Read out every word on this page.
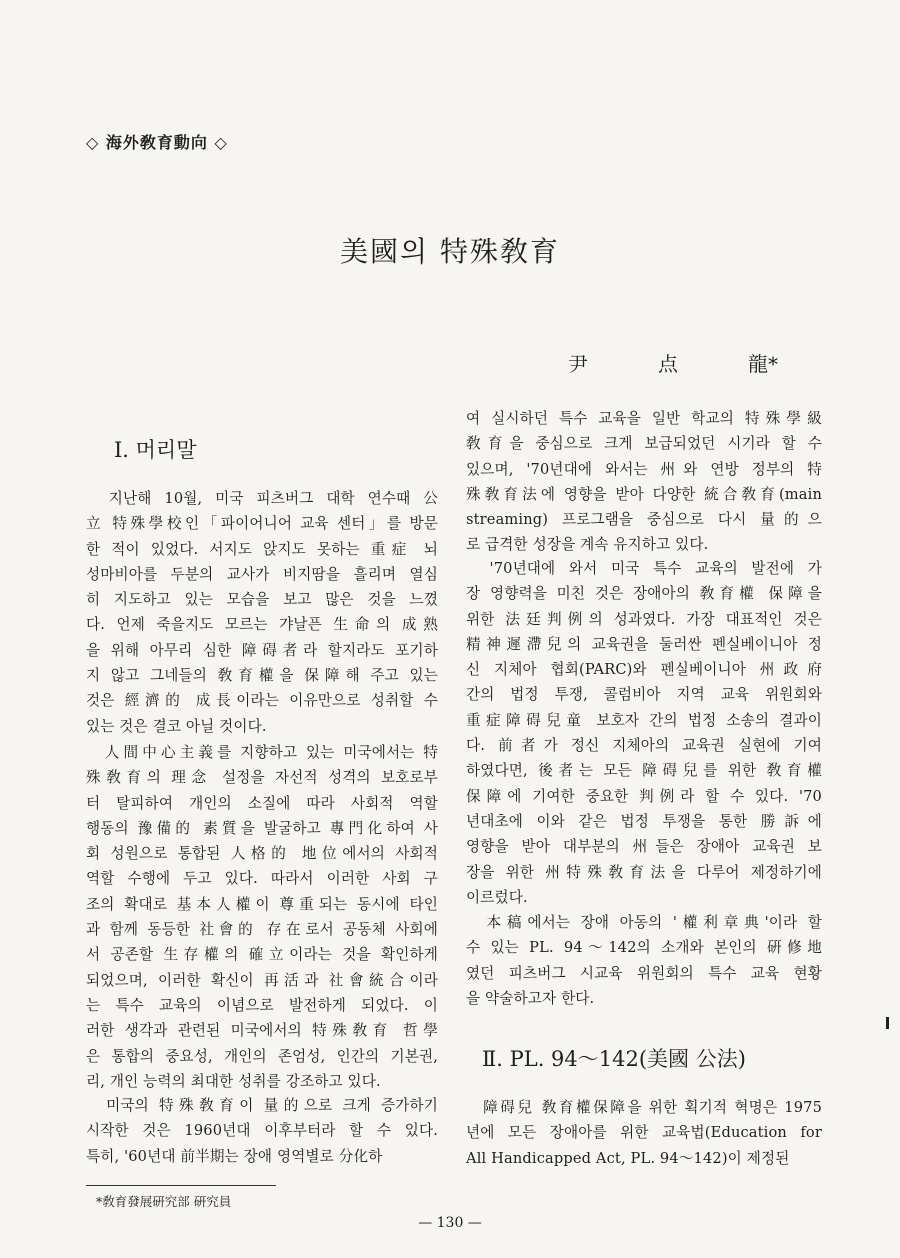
◇ 海外敎育動向 ◇
美國의 特殊敎育
尹	点	龍*
Ⅰ. 머리말
　지난해 10월, 미국 피츠버그 대학 연수때 公
立 特殊學校인「파이어니어 교육 센터」를 방문
한 적이 있었다. 서지도 앉지도 못하는 重症 뇌
성마비아를 두분의 교사가 비지땀을 흘리며 열심
히 지도하고 있는 모습을 보고 많은 것을 느꼈
다. 언제 죽을지도 모르는 갸날픈 生命의 成熟
을 위해 아무리 심한 障碍者라 할지라도 포기하
지 않고 그네들의 敎育權을 保障해 주고 있는
것은 經濟的 成長이라는 이유만으로 성취할 수
있는 것은 결코 아닐 것이다.
　人間中心主義를 지향하고 있는 미국에서는 特
殊敎育의 理念 설정을 자선적 성격의 보호로부
터 탈피하여 개인의 소질에 따라 사회적 역할
행동의 豫備的 素質을 발굴하고 專門化하여 사
회 성원으로 통합된 人格的 地位에서의 사회적
역할 수행에 두고 있다. 따라서 이러한 사회 구
조의 확대로 基本人權이 尊重되는 동시에 타인
과 함께 동등한 社會的 存在로서 공동체 사회에
서 공존할 生存權의 確立이라는 것을 확인하게
되었으며, 이러한 확신이 再活과 社會統合이라
는 특수 교육의 이념으로 발전하게 되었다. 이
러한 생각과 관련된 미국에서의 特殊敎育 哲學
은 통합의 중요성, 개인의 존엄성, 인간의 기본권,
리, 개인 능력의 최대한 성취를 강조하고 있다.
　미국의 特殊敎育이 量的으로 크게 증가하기
시작한 것은 1960년대 이후부터라 할 수 있다.
특히, '60년대 前半期는 장애 영역별로 分化하
여 실시하던 특수 교육을 일반 학교의 特殊學級
敎育을 중심으로 크게 보급되었던 시기라 할 수
있으며, '70년대에 와서는 州와 연방 정부의 特
殊敎育法에 영향을 받아 다양한 統合敎育(main
streaming) 프로그램을 중심으로 다시 量的으
로 급격한 성장을 계속 유지하고 있다.
　'70년대에 와서 미국 특수 교육의 발전에 가
장 영향력을 미친 것은 장애아의 敎育權 保障을
위한 法廷判例의 성과였다. 가장 대표적인 것은
精神遲滯兒의 교육권을 둘러싼 펜실베이니아 정
신 지체아 협회(PARC)와 펜실베이니아 州政府
간의 법정 투쟁, 콜럼비아 지역 교육 위원회와
重症障碍兒童 보호자 간의 법정 소송의 결과이
다. 前者가 정신 지체아의 교육권 실현에 기여
하였다면, 後者는 모든 障碍兒를 위한 敎育權
保障에 기여한 중요한 判例라 할 수 있다. '70
년대초에 이와 같은 법정 투쟁을 통한 勝訴에
영향을 받아 대부분의 州들은 장애아 교육권 보
장을 위한 州特殊敎育法을 다루어 제정하기에
이르렀다.
　本稿에서는 장애 아동의 '權利章典'이라 할
수 있는 PL. 94～142의 소개와 본인의 硏修地
였던 피츠버그 시교육 위원회의 특수 교육 현황
을 약술하고자 한다.
　障碍兒 敎育權保障을 위한 획기적 혁명은 1975
년에 모든 장애아를 위한 교육법(Education for
All Handicapped Act, PL. 94～142)이 제정된
Ⅱ. PL. 94～142(美國 公法)
*敎育發展硏究部 硏究員
— 130 —
